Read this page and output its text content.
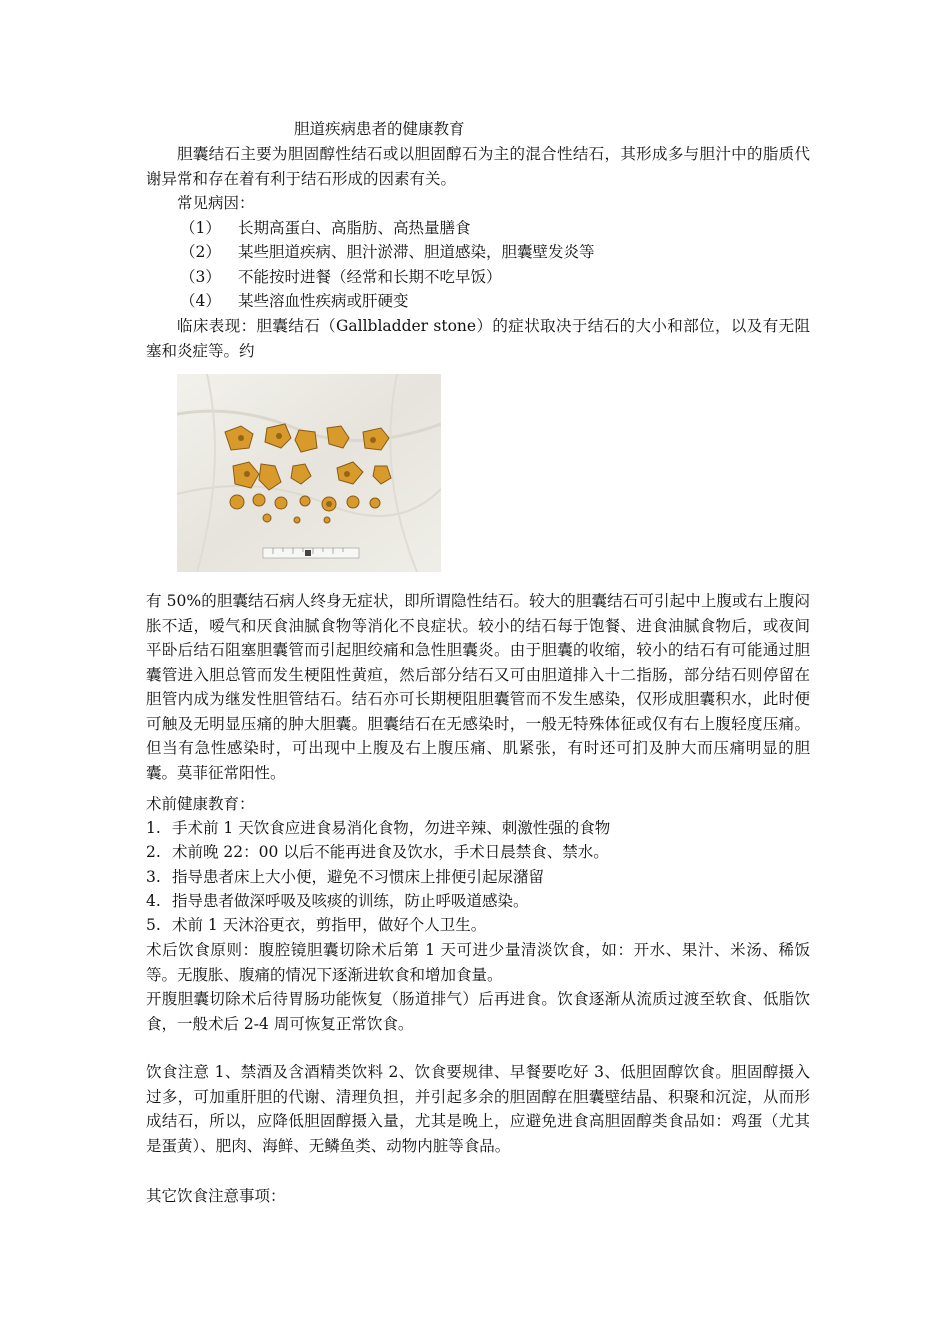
胆道疾病患者的健康教育

胆囊结石主要为胆固醇性结石或以胆固醇石为主的混合性结石，其形成多与胆汁中的脂质代谢异常和存在着有利于结石形成的因素有关。

常见病因：

（1） 长期高蛋白、高脂肪、高热量膳食
（2） 某些胆道疾病、胆汁淤滞、胆道感染，胆囊壁发炎等
（3） 不能按时进餐（经常和长期不吃早饭）
（4） 某些溶血性疾病或肝硬变

临床表现：胆囊结石（Gallbladder stone）的症状取决于结石的大小和部位，以及有无阻塞和炎症等。约

有 50%的胆囊结石病人终身无症状，即所谓隐性结石。较大的胆囊结石可引起中上腹或右上腹闷胀不适，嗳气和厌食油腻食物等消化不良症状。较小的结石每于饱餐、进食油腻食物后，或夜间平卧后结石阻塞胆囊管而引起胆绞痛和急性胆囊炎。由于胆囊的收缩，较小的结石有可能通过胆囊管进入胆总管而发生梗阻性黄疸，然后部分结石又可由胆道排入十二指肠，部分结石则停留在胆管内成为继发性胆管结石。结石亦可长期梗阻胆囊管而不发生感染，仅形成胆囊积水，此时便可触及无明显压痛的肿大胆囊。胆囊结石在无感染时，一般无特殊体征或仅有右上腹轻度压痛。但当有急性感染时，可出现中上腹及右上腹压痛、肌紧张，有时还可扪及肿大而压痛明显的胆囊。莫菲征常阳性。

术前健康教育：

1. 手术前 1 天饮食应进食易消化食物，勿进辛辣、刺激性强的食物
2. 术前晚 22：00 以后不能再进食及饮水，手术日晨禁食、禁水。
3. 指导患者床上大小便，避免不习惯床上排便引起尿潴留
4. 指导患者做深呼吸及咳痰的训练，防止呼吸道感染。
5. 术前 1 天沐浴更衣，剪指甲，做好个人卫生。

术后饮食原则：腹腔镜胆囊切除术后第 1 天可进少量清淡饮食，如：开水、果汁、米汤、稀饭等。无腹胀、腹痛的情况下逐渐进软食和增加食量。

开腹胆囊切除术后待胃肠功能恢复（肠道排气）后再进食。饮食逐渐从流质过渡至软食、低脂饮食，一般术后 2-4 周可恢复正常饮食。

饮食注意 1、禁酒及含酒精类饮料 2、饮食要规律、早餐要吃好 3、低胆固醇饮食。胆固醇摄入过多，可加重肝胆的代谢、清理负担，并引起多余的胆固醇在胆囊壁结晶、积聚和沉淀，从而形成结石，所以，应降低胆固醇摄入量，尤其是晚上，应避免进食高胆固醇类食品如：鸡蛋（尤其是蛋黄）、肥肉、海鲜、无鳞鱼类、动物内脏等食品。

其它饮食注意事项：
